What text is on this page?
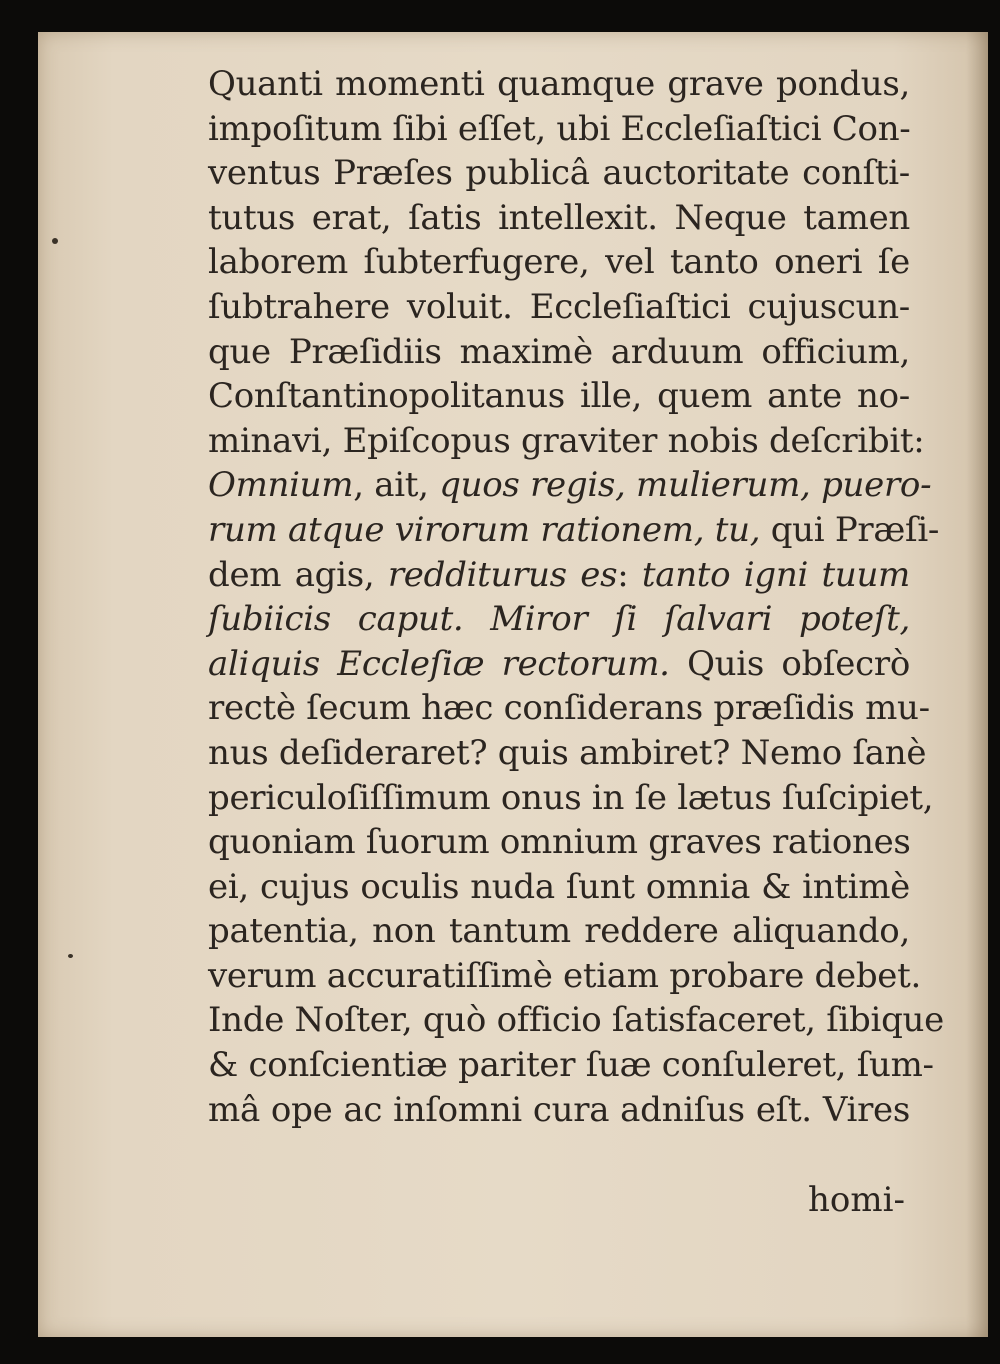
Quanti momenti quamque grave pondus,
impoſitum ſibi eſſet, ubi Eccleſiaſtici Con-
ventus Præſes publicâ auctoritate conſti-
tutus erat, ſatis intellexit. Neque tamen
laborem ſubterfugere, vel tanto oneri ſe
ſubtrahere voluit. Eccleſiaſtici cujuscun-
que Præſidiis maximè arduum officium,
Conſtantinopolitanus ille, quem ante no-
minavi, Epiſcopus graviter nobis deſcribit:
Omnium, ait, quos regis, mulierum, puero-
rum atque virorum rationem, tu, qui Præſi-
dem agis, redditurus es: tanto igni tuum
ſubiicis caput. Miror ſi ſalvari poteſt,
aliquis Eccleſiæ rectorum. Quis obſecrò
rectè ſecum hæc conſiderans præſidis mu-
nus deſideraret? quis ambiret? Nemo ſanè
periculoſiſſimum onus in ſe lætus ſuſcipiet,
quoniam ſuorum omnium graves rationes
ei, cujus oculis nuda ſunt omnia & intimè
patentia, non tantum reddere aliquando,
verum accuratiſſimè etiam probare debet.
Inde Noſter, quò officio ſatisfaceret, ſibique
& conſcientiæ pariter ſuæ conſuleret, ſum-
mâ ope ac inſomni cura adniſus eſt. Vires
homi-
